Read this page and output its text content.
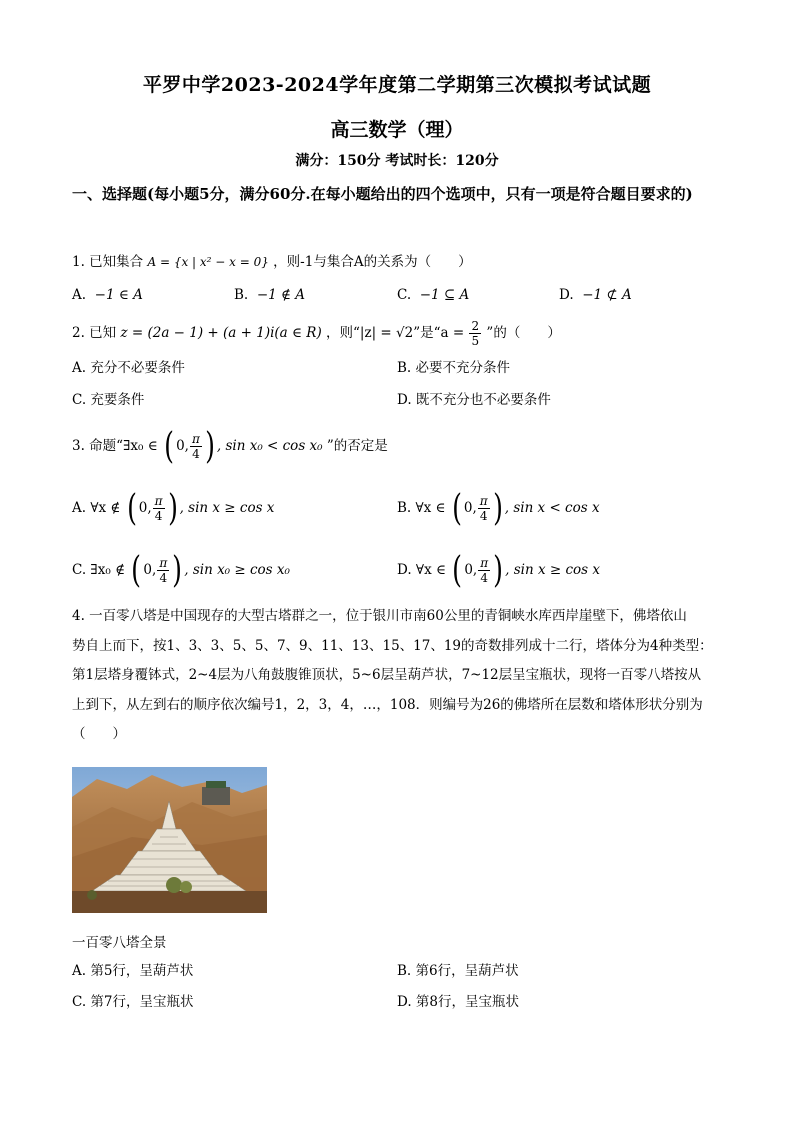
平罗中学2023-2024学年度第二学期第三次模拟考试试题
高三数学（理）
满分：150分 考试时长：120分
一、选择题(每小题5分，满分60分.在每小题给出的四个选项中，只有一项是符合题目要求的)
1. 已知集合 A = {x | x² − x = 0} ，则-1与集合A的关系为（　　）
A. −1 ∈ A	B. −1 ∉ A	C. −1 ⊆ A	D. −1 ⊄ A
2. 已知 z = (2a − 1) + (a + 1)i(a ∈ R) ，则“|z| = √2”是“$a = \frac{2}{5}$ ”的（　　）
A. 充分不必要条件	B. 必要不充分条件
C. 充要条件	D. 既不充分也不必要条件
3. 命题“∃x₀ ∈ ( 0, $\frac{\pi}{4}$ ) , sin x₀ < cos x₀ ”的否定是
A. ∀x ∉ ( 0, $\frac{\pi}{4}$ ) , sin x ≥ cos x	B. ∀x ∈ ( 0, $\frac{\pi}{4}$ ) , sin x < cos x
C. ∃x₀ ∉ ( 0, $\frac{\pi}{4}$ ) , sin x₀ ≥ cos x₀	D. ∀x ∈ ( 0, $\frac{\pi}{4}$ ) , sin x ≥ cos x
4. 一百零八塔是中国现存的大型古塔群之一，位于银川市南60公里的青铜峡水库西岸崖壁下，佛塔依山
势自上而下，按1、3、3、5、5、7、9、11、13、15、17、19的奇数排列成十二行，塔体分为4种类型：
第1层塔身覆钵式，2~4层为八角鼓腹锥顶状，5~6层呈葫芦状，7~12层呈宝瓶状，现将一百零八塔按从
上到下，从左到右的顺序依次编号1，2，3，4，…，108．则编号为26的佛塔所在层数和塔体形状分别为
（　　）
一百零八塔全景
A. 第5行，呈葫芦状	B. 第6行，呈葫芦状
C. 第7行，呈宝瓶状	D. 第8行，呈宝瓶状
